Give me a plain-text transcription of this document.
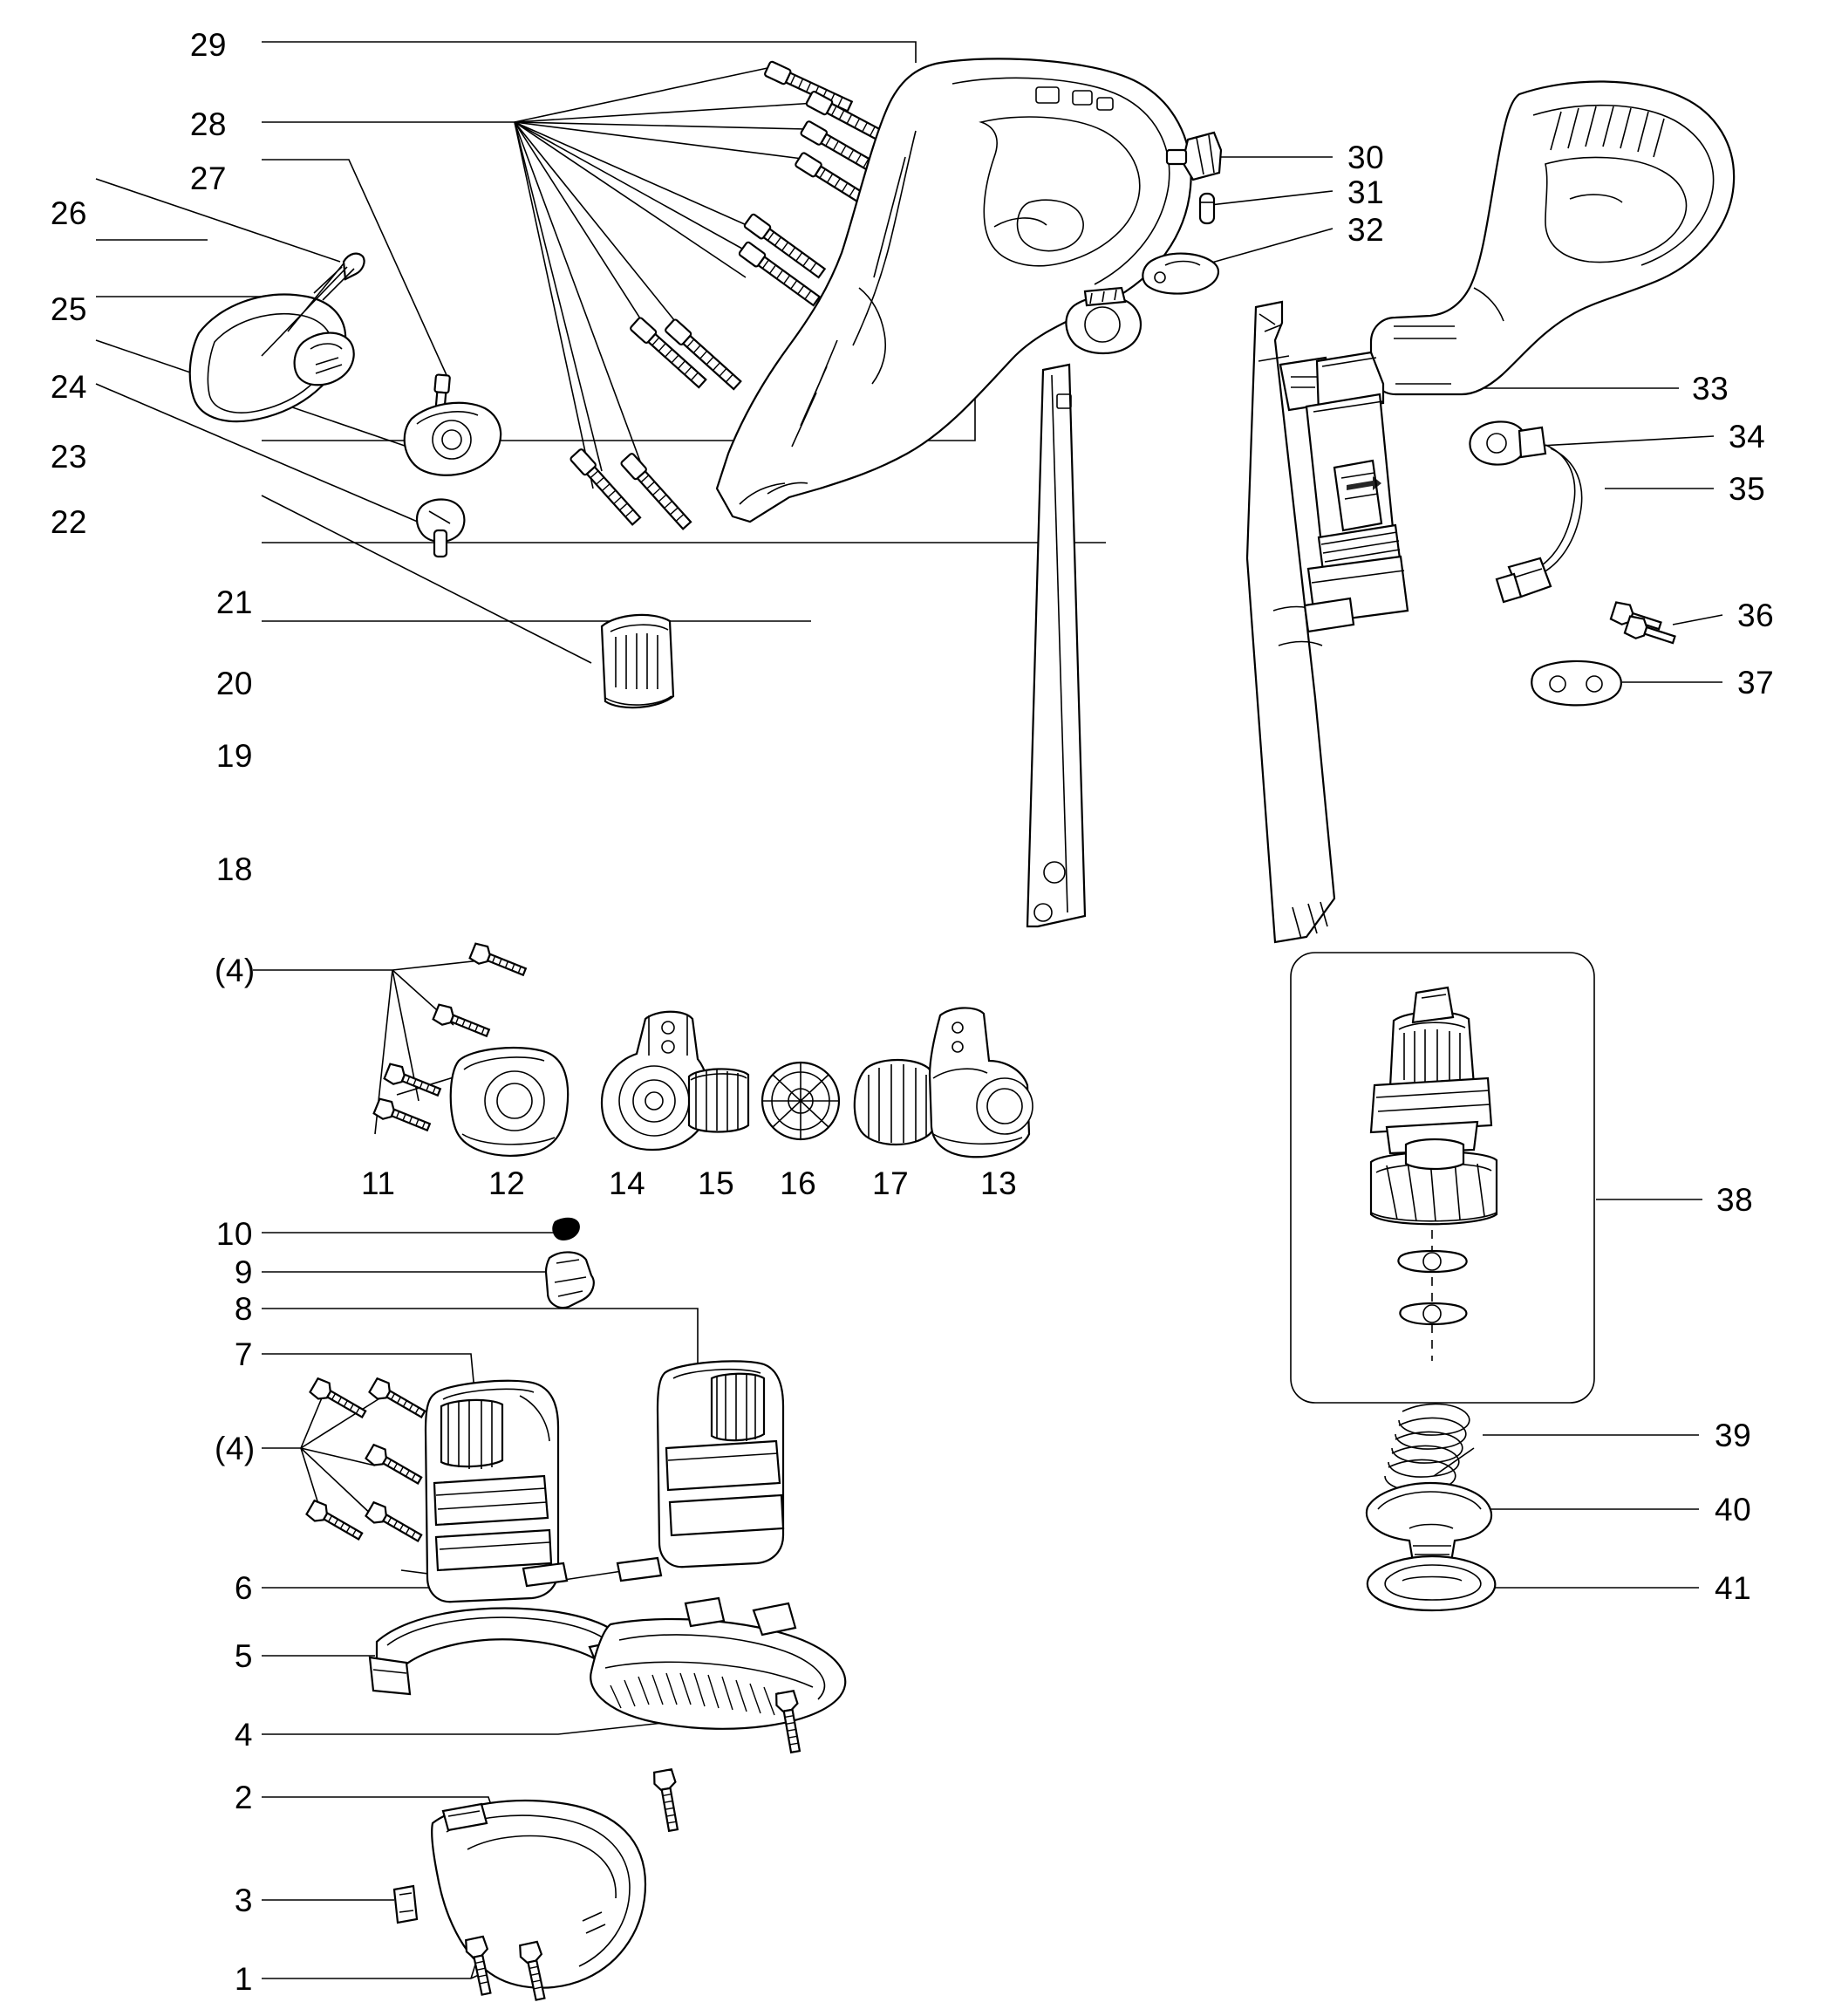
29
28
27
26
25
24
23
22
21
20
19
18
30
31
32
33
34
35
36
37
38
39
40
41
(4)
11	12	14 15 16 17 13
10
9
8
7
(4)
6
5
4
2
3
1
